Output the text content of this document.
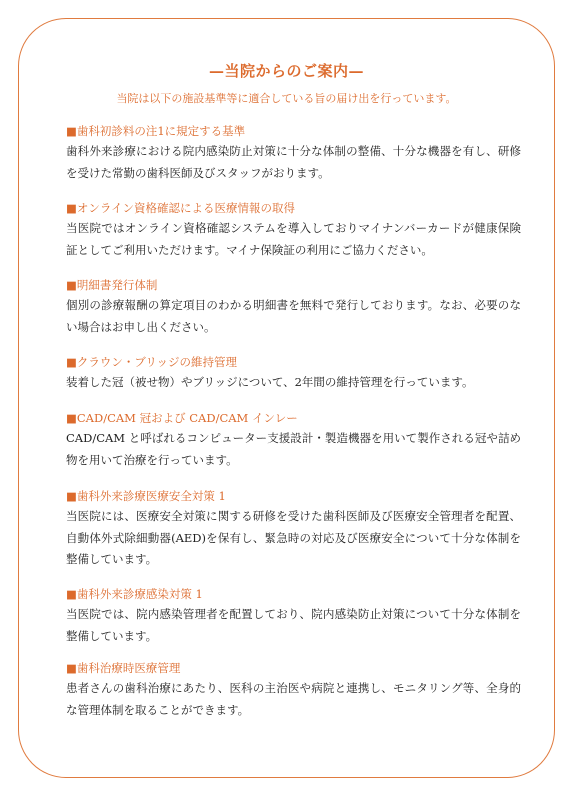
—当院からのご案内—
当院は以下の施設基準等に適合している旨の届け出を行っています。
■歯科初診料の注1に規定する基準

歯科外来診療における院内感染防止対策に十分な体制の整備、十分な機器を有し、研修を受けた常勤の歯科医師及びスタッフがおります。

■オンライン資格確認による医療情報の取得

当医院ではオンライン資格確認システムを導入しておりマイナンバーカードが健康保険証としてご利用いただけます。マイナ保険証の利用にご協力ください。

■明細書発行体制

個別の診療報酬の算定項目のわかる明細書を無料で発行しております。なお、必要のない場合はお申し出ください。

■クラウン・ブリッジの維持管理

装着した冠（被せ物）やブリッジについて、2年間の維持管理を行っています。

■CAD/CAM 冠および CAD/CAM インレー

CAD/CAM と呼ばれるコンピューター支援設計・製造機器を用いて製作される冠や詰め物を用いて治療を行っています。

■歯科外来診療医療安全対策 1

当医院には、医療安全対策に関する研修を受けた歯科医師及び医療安全管理者を配置、自動体外式除細動器(AED)を保有し、緊急時の対応及び医療安全について十分な体制を整備しています。

■歯科外来診療感染対策 1

当医院では、院内感染管理者を配置しており、院内感染防止対策について十分な体制を整備しています。

■歯科治療時医療管理

患者さんの歯科治療にあたり、医科の主治医や病院と連携し、モニタリング等、全身的な管理体制を取ることができます。
